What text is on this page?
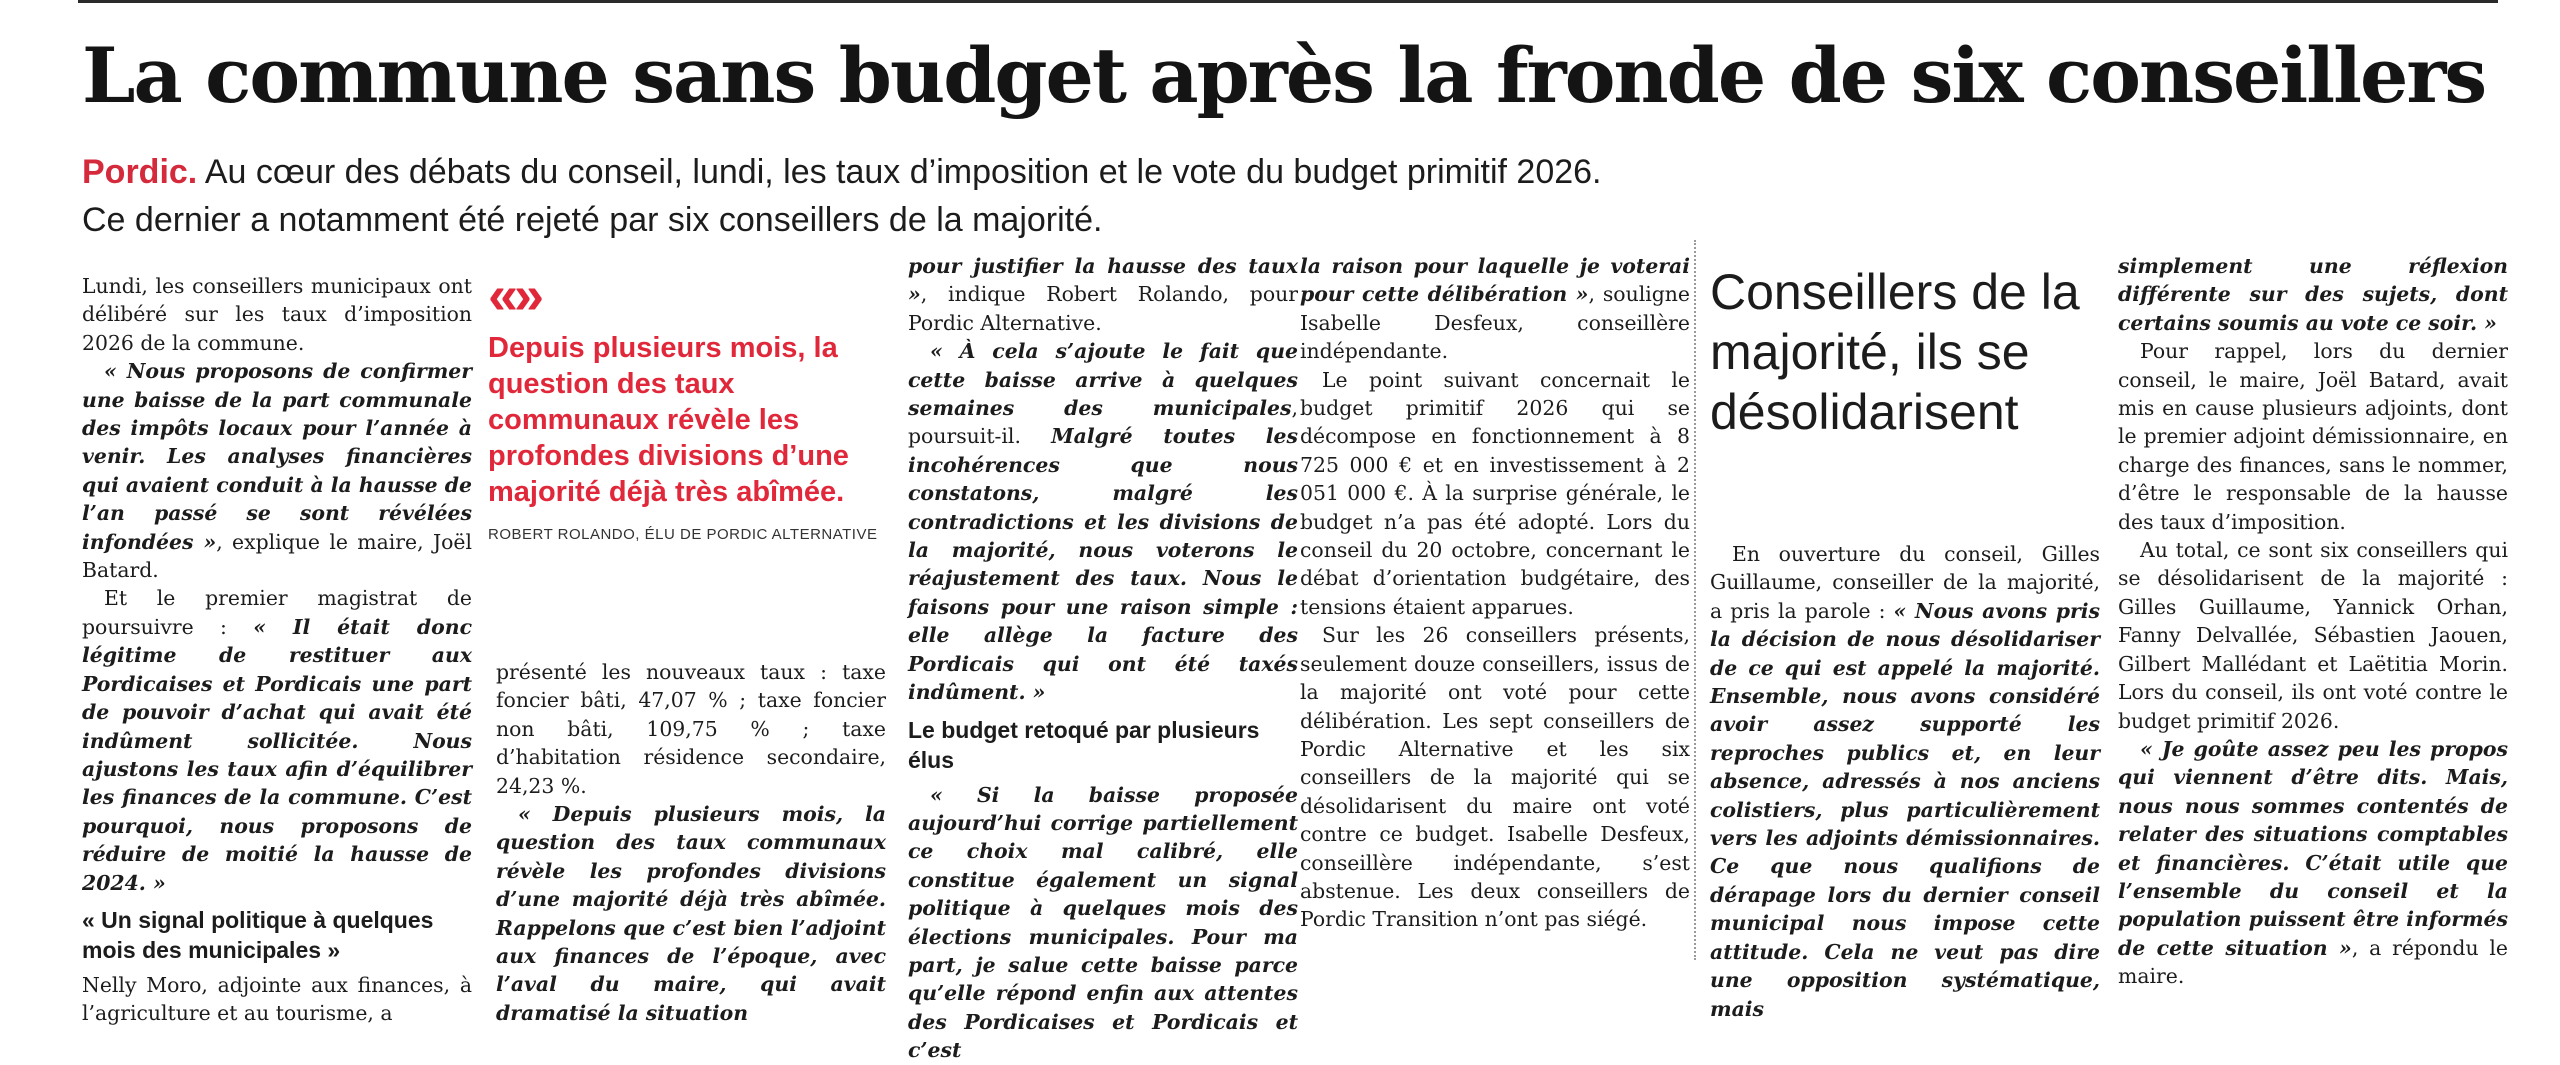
La commune sans budget après la fronde de six conseillers

Pordic. Au cœur des débats du conseil, lundi, les taux d’imposition et le vote du budget primitif 2026. Ce dernier a notamment été rejeté par six conseillers de la majorité.

Lundi, les conseillers municipaux ont délibéré sur les taux d’imposition 2026 de la commune.

« Nous proposons de confirmer une baisse de la part communale des impôts locaux pour l’année à venir. Les analyses financières qui avaient conduit à la hausse de l’an passé se sont révélées infondées », explique le maire, Joël Batard.

Et le premier magistrat de poursuivre : « Il était donc légitime de restituer aux Pordicaises et Pordicais une part de pouvoir d’achat qui avait été indûment sollicitée. Nous ajustons les taux afin d’équilibrer les finances de la commune. C’est pourquoi, nous proposons de réduire de moitié la hausse de 2024. »

« Un signal politique à quelques mois des municipales »

Nelly Moro, adjointe aux finances, à l’agriculture et au tourisme, a

«»

Depuis plusieurs mois, la question des taux communaux révèle les profondes divisions d’une majorité déjà très abîmée.

ROBERT ROLANDO, ÉLU DE PORDIC ALTERNATIVE

présenté les nouveaux taux : taxe foncier bâti, 47,07 % ; taxe foncier non bâti, 109,75 % ; taxe d’habitation résidence secondaire, 24,23 %.

« Depuis plusieurs mois, la question des taux communaux révèle les profondes divisions d’une majorité déjà très abîmée. Rappelons que c’est bien l’adjoint aux finances de l’époque, avec l’aval du maire, qui avait dramatisé la situation

pour justifier la hausse des taux », indique Robert Rolando, pour Pordic Alternative.

« À cela s’ajoute le fait que cette baisse arrive à quelques semaines des municipales, poursuit-il. Malgré toutes les incohérences que nous constatons, malgré les contradictions et les divisions de la majorité, nous voterons le réajustement des taux. Nous le faisons pour une raison simple : elle allège la facture des Pordicais qui ont été taxés indûment. »

Le budget retoqué par plusieurs élus

« Si la baisse proposée aujourd’hui corrige partiellement ce choix mal calibré, elle constitue également un signal politique à quelques mois des élections municipales. Pour ma part, je salue cette baisse parce qu’elle répond enfin aux attentes des Pordicaises et Pordicais et c’est

la raison pour laquelle je voterai pour cette délibération », souligne Isabelle Desfeux, conseillère indépendante.

Le point suivant concernait le budget primitif 2026 qui se décompose en fonctionnement à 8 725 000 € et en investissement à 2 051 000 €. À la surprise générale, le budget n’a pas été adopté. Lors du conseil du 20 octobre, concernant le débat d’orientation budgétaire, des tensions étaient apparues.

Sur les 26 conseillers présents, seulement douze conseillers, issus de la majorité ont voté pour cette délibération. Les sept conseillers de Pordic Alternative et les six conseillers de la majorité qui se désolidarisent du maire ont voté contre ce budget. Isabelle Desfeux, conseillère indépendante, s’est abstenue. Les deux conseillers de Pordic Transition n’ont pas siégé.

Conseillers de la majorité, ils se désolidarisent

En ouverture du conseil, Gilles Guillaume, conseiller de la majorité, a pris la parole : « Nous avons pris la décision de nous désolidariser de ce qui est appelé la majorité. Ensemble, nous avons considéré avoir assez supporté les reproches publics et, en leur absence, adressés à nos anciens colistiers, plus particulièrement vers les adjoints démissionnaires. Ce que nous qualifions de dérapage lors du dernier conseil municipal nous impose cette attitude. Cela ne veut pas dire une opposition systématique, mais

simplement une réflexion différente sur des sujets, dont certains soumis au vote ce soir. »

Pour rappel, lors du dernier conseil, le maire, Joël Batard, avait mis en cause plusieurs adjoints, dont le premier adjoint démissionnaire, en charge des finances, sans le nommer, d’être le responsable de la hausse des taux d’imposition.

Au total, ce sont six conseillers qui se désolidarisent de la majorité : Gilles Guillaume, Yannick Orhan, Fanny Delvallée, Sébastien Jaouen, Gilbert Mallédant et Laëtitia Morin. Lors du conseil, ils ont voté contre le budget primitif 2026.

« Je goûte assez peu les propos qui viennent d’être dits. Mais, nous nous sommes contentés de relater des situations comptables et financières. C’était utile que l’ensemble du conseil et la population puissent être informés de cette situation », a répondu le maire.
